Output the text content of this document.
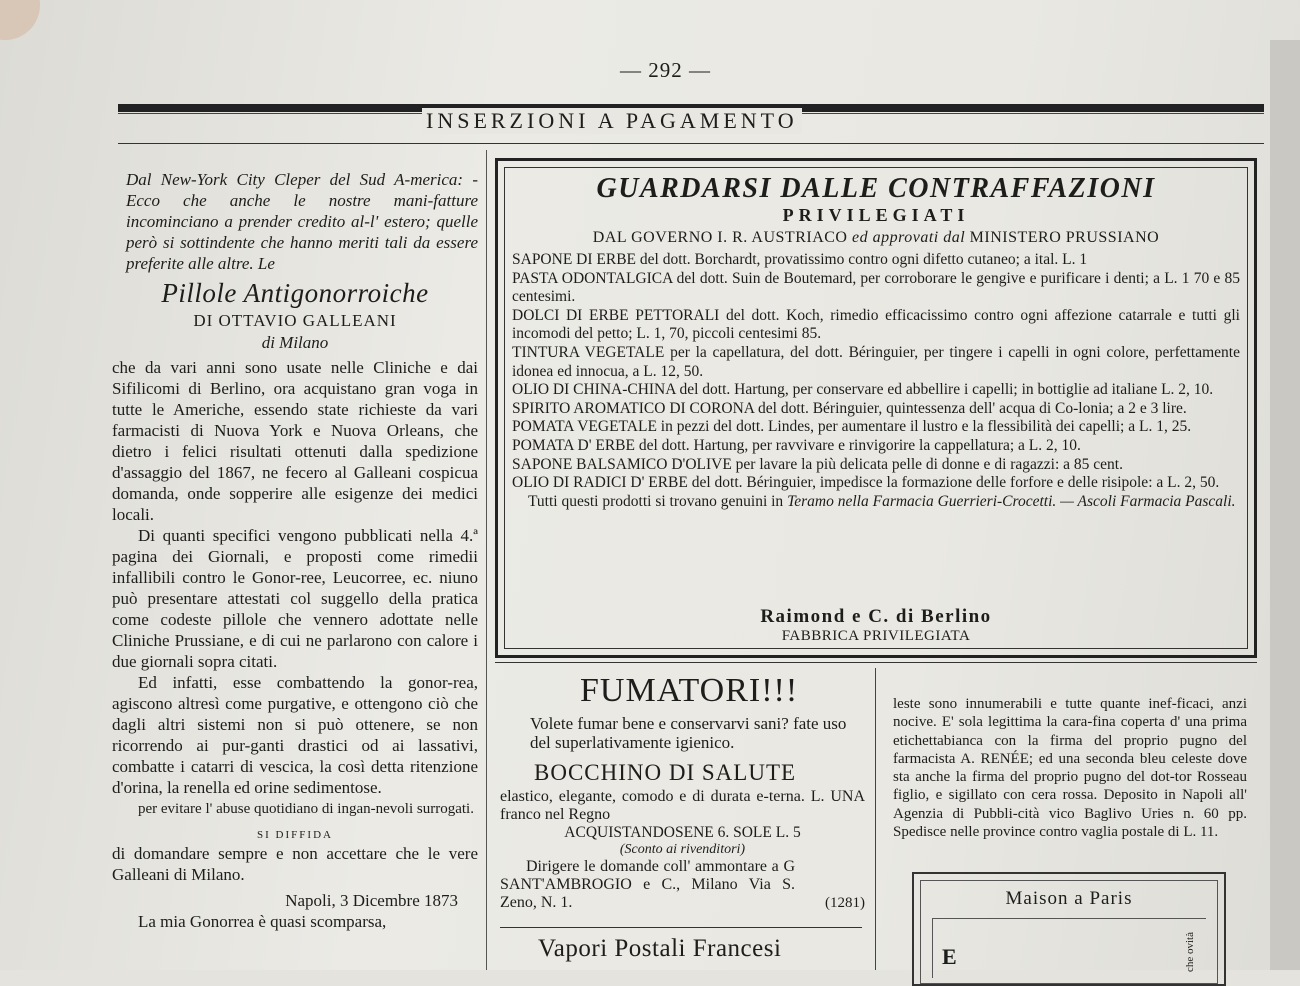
— 292 —
INSERZIONI A PAGAMENTO

Dal New-York City Cleper del Sud A-merica: - Ecco che anche le nostre mani-fatture incominciano a prender credito al-l' estero; quelle però si sottindente che hanno meriti tali da essere preferite alle altre. Le

Pillole Antigonorroiche
DI OTTAVIO GALLEANI
di Milano

che da vari anni sono usate nelle Cliniche e dai Sifilicomi di Berlino, ora acquistano gran voga in tutte le Americhe, essendo state richieste da vari farmacisti di Nuova York e Nuova Orleans, che dietro i felici risultati ottenuti dalla spedizione d'assaggio del 1867, ne fecero al Galleani cospicua domanda, onde sopperire alle esigenze dei medici locali.

Di quanti specifici vengono pubblicati nella 4.ª pagina dei Giornali, e proposti come rimedii infallibili contro le Gonor-ree, Leucorree, ec. niuno può presentare attestati col suggello della pratica come codeste pillole che vennero adottate nelle Cliniche Prussiane, e di cui ne parlarono con calore i due giornali sopra citati.

Ed infatti, esse combattendo la gonor-rea, agiscono altresì come purgative, e ottengono ciò che dagli altri sistemi non si può ottenere, se non ricorrendo ai pur-ganti drastici od ai lassativi, combatte i catarri di vescica, la così detta ritenzione d'orina, la renella ed orine sedimentose.

per evitare l' abuse quotidiano di ingan-nevoli surrogati.

SI DIFFIDA

di domandare sempre e non accettare che le vere Galleani di Milano.

Napoli, 3 Dicembre 1873

La mia Gonorrea è quasi scomparsa,

GUARDARSI DALLE CONTRAFFAZIONI
PRIVILEGIATI
DAL GOVERNO I. R. AUSTRIACO ed approvati dal MINISTERO PRUSSIANO

SAPONE DI ERBE del dott. Borchardt, provatissimo contro ogni difetto cutaneo; a ital. L. 1

PASTA ODONTALGICA del dott. Suin de Boutemard, per corroborare le gengive e purificare i denti; a L. 1 70 e 85 centesimi.

DOLCI DI ERBE PETTORALI del dott. Koch, rimedio efficacissimo contro ogni affezione catarrale e tutti gli incomodi del petto; L. 1, 70, piccoli centesimi 85.

TINTURA VEGETALE per la capellatura, del dott. Béringuier, per tingere i capelli in ogni colore, perfettamente idonea ed innocua, a L. 12, 50.

OLIO DI CHINA-CHINA del dott. Hartung, per conservare ed abbellire i capelli; in bottiglie ad italiane L. 2, 10.

SPIRITO AROMATICO DI CORONA del dott. Béringuier, quintessenza dell' acqua di Co-lonia; a 2 e 3 lire.

POMATA VEGETALE in pezzi del dott. Lindes, per aumentare il lustro e la flessibilità dei capelli; a L. 1, 25.

POMATA D' ERBE del dott. Hartung, per ravvivare e rinvigorire la cappellatura; a L. 2, 10.

SAPONE BALSAMICO D'OLIVE per lavare la più delicata pelle di donne e di ragazzi: a 85 cent.

OLIO DI RADICI D' ERBE del dott. Béringuier, impedisce la formazione delle forfore e delle risipole: a L. 2, 50.

Tutti questi prodotti si trovano genuini in Teramo nella Farmacia Guerrieri-Crocetti. — Ascoli Farmacia Pascali.

Raimond e C. di Berlino
FABBRICA PRIVILEGIATA
FUMATORI!!!

Volete fumar bene e conservarvi sani? fate uso del superlativamente igienico.

BOCCHINO DI SALUTE

elastico, elegante, comodo e di durata e-terna. L. UNA franco nel Regno

ACQUISTANDOSENE 6. SOLE L. 5

(Sconto ai rivenditori)

Dirigere le domande coll' ammontare a G SANT'AMBROGIO e C., Milano Via S. Zeno, N. 1.	(1281)
Vapori Postali Francesi

leste sono innumerabili e tutte quante inef-ficaci, anzi nocive. E' sola legittima la cara-fina coperta d' una prima etichettabianca con la firma del proprio pugno del farmacista A. RENÉE; ed una seconda bleu celeste dove sta anche la firma del proprio pugno del dot-tor Rosseau figlio, e sigillato con cera rossa. Deposito in Napoli all' Agenzia di Pubbli-cità vico Baglivo Uries n. 60 pp. Spedisce nelle province contro vaglia postale di L. 11.

Maison a Paris
E	che ovità
